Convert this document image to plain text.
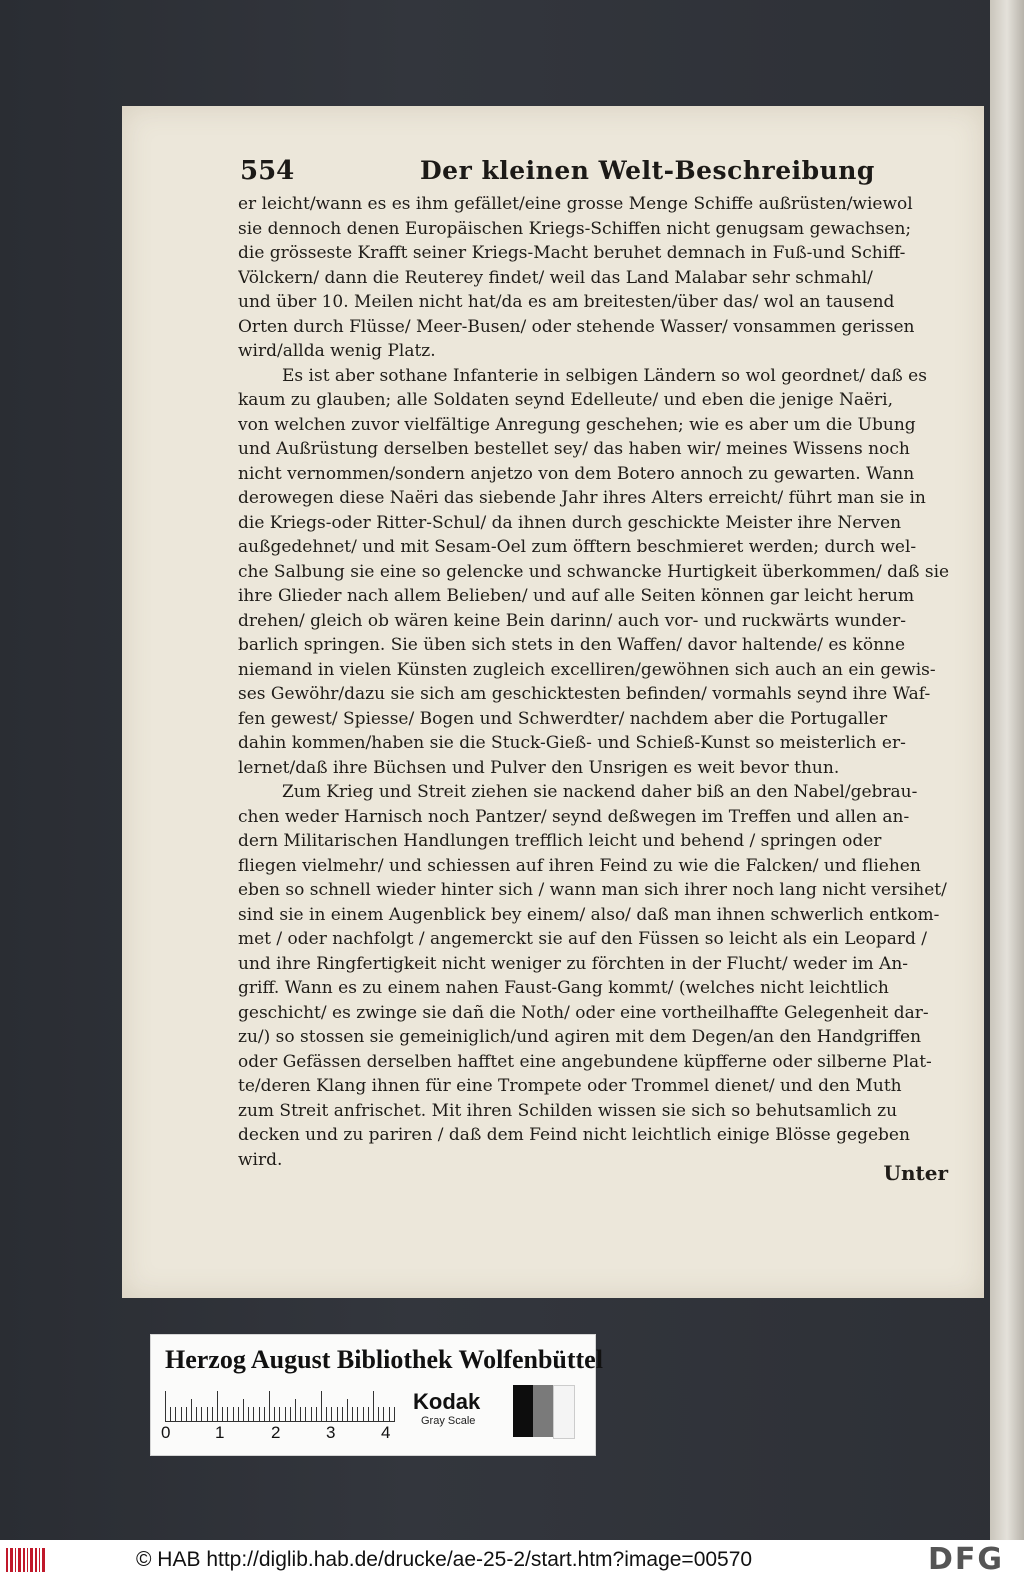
554	Der kleinen Welt-Beschreibung
er leicht/wann es es ihm gefället/eine grosse Menge Schiffe außrüsten/wiewol
sie dennoch denen Europäischen Kriegs-Schiffen nicht genugsam gewachsen;
die grösseste Krafft seiner Kriegs-Macht beruhet demnach in Fuß-und Schiff-
Völckern/ dann die Reuterey findet/ weil das Land Malabar sehr schmahl/
und über 10. Meilen nicht hat/da es am breitesten/über das/ wol an tausend
Orten durch Flüsse/ Meer-Busen/ oder stehende Wasser/ vonsammen gerissen
wird/allda wenig Platz.
Es ist aber sothane Infanterie in selbigen Ländern so wol geordnet/ daß es
kaum zu glauben; alle Soldaten seynd Edelleute/ und eben die jenige Naëri,
von welchen zuvor vielfältige Anregung geschehen; wie es aber um die Ubung
und Außrüstung derselben bestellet sey/ das haben wir/ meines Wissens noch
nicht vernommen/sondern anjetzo von dem Botero annoch zu gewarten. Wann
derowegen diese Naëri das siebende Jahr ihres Alters erreicht/ führt man sie in
die Kriegs-oder Ritter-Schul/ da ihnen durch geschickte Meister ihre Nerven
außgedehnet/ und mit Sesam-Oel zum öfftern beschmieret werden; durch wel-
che Salbung sie eine so gelencke und schwancke Hurtigkeit überkommen/ daß sie
ihre Glieder nach allem Belieben/ und auf alle Seiten können gar leicht herum
drehen/ gleich ob wären keine Bein darinn/ auch vor- und ruckwärts wunder-
barlich springen. Sie üben sich stets in den Waffen/ davor haltende/ es könne
niemand in vielen Künsten zugleich excelliren/gewöhnen sich auch an ein gewis-
ses Gewöhr/dazu sie sich am geschicktesten befinden/ vormahls seynd ihre Waf-
fen gewest/ Spiesse/ Bogen und Schwerdter/ nachdem aber die Portugaller
dahin kommen/haben sie die Stuck-Gieß- und Schieß-Kunst so meisterlich er-
lernet/daß ihre Büchsen und Pulver den Unsrigen es weit bevor thun.
Zum Krieg und Streit ziehen sie nackend daher biß an den Nabel/gebrau-
chen weder Harnisch noch Pantzer/ seynd deßwegen im Treffen und allen an-
dern Militarischen Handlungen trefflich leicht und behend / springen oder
fliegen vielmehr/ und schiessen auf ihren Feind zu wie die Falcken/ und fliehen
eben so schnell wieder hinter sich / wann man sich ihrer noch lang nicht versihet/
sind sie in einem Augenblick bey einem/ also/ daß man ihnen schwerlich entkom-
met / oder nachfolgt / angemerckt sie auf den Füssen so leicht als ein Leopard /
und ihre Ringfertigkeit nicht weniger zu förchten in der Flucht/ weder im An-
griff. Wann es zu einem nahen Faust-Gang kommt/ (welches nicht leichtlich
geschicht/ es zwinge sie dañ die Noth/ oder eine vortheilhaffte Gelegenheit dar-
zu/) so stossen sie gemeiniglich/und agiren mit dem Degen/an den Handgriffen
oder Gefässen derselben hafftet eine angebundene küpfferne oder silberne Plat-
te/deren Klang ihnen für eine Trompete oder Trommel dienet/ und den Muth
zum Streit anfrischet. Mit ihren Schilden wissen sie sich so behutsamlich zu
decken und zu pariren / daß dem Feind nicht leichtlich einige Blösse gegeben
wird.
Unter
Herzog August Bibliothek Wolfenbüttel
0	1	2	3	4
Kodak
Gray Scale
© HAB http://diglib.hab.de/drucke/ae-25-2/start.htm?image=00570	DFG
